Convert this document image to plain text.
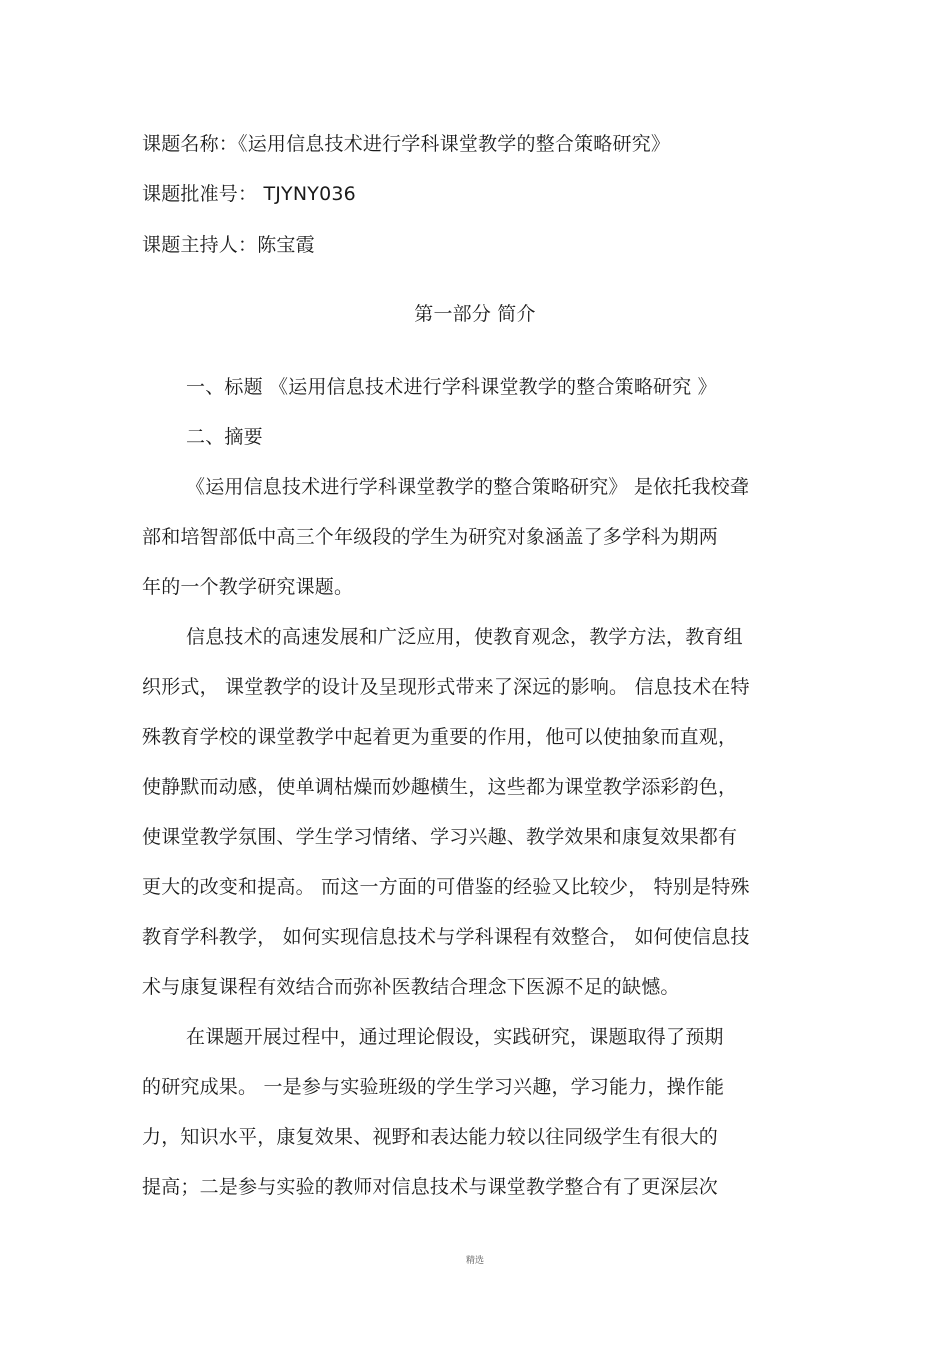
课题名称：《运用信息技术进行学科课堂教学的整合策略研究》
课题批准号： TJYNY036
课题主持人：陈宝霞
第一部分 简介
一、标题 《运用信息技术进行学科课堂教学的整合策略研究 》
二、摘要
《运用信息技术进行学科课堂教学的整合策略研究》 是依托我校聋
部和培智部低中高三个年级段的学生为研究对象涵盖了多学科为期两
年的一个教学研究课题。
信息技术的高速发展和广泛应用，使教育观念，教学方法，教育组
织形式， 课堂教学的设计及呈现形式带来了深远的影响。 信息技术在特
殊教育学校的课堂教学中起着更为重要的作用，他可以使抽象而直观，
使静默而动感，使单调枯燥而妙趣横生，这些都为课堂教学添彩韵色，
使课堂教学氛围、学生学习情绪、学习兴趣、教学效果和康复效果都有
更大的改变和提高。 而这一方面的可借鉴的经验又比较少， 特别是特殊
教育学科教学， 如何实现信息技术与学科课程有效整合， 如何使信息技
术与康复课程有效结合而弥补医教结合理念下医源不足的缺憾。
在课题开展过程中，通过理论假设，实践研究，课题取得了预期
的研究成果。 一是参与实验班级的学生学习兴趣，学习能力，操作能
力，知识水平，康复效果、视野和表达能力较以往同级学生有很大的
提高；二是参与实验的教师对信息技术与课堂教学整合有了更深层次
精选
